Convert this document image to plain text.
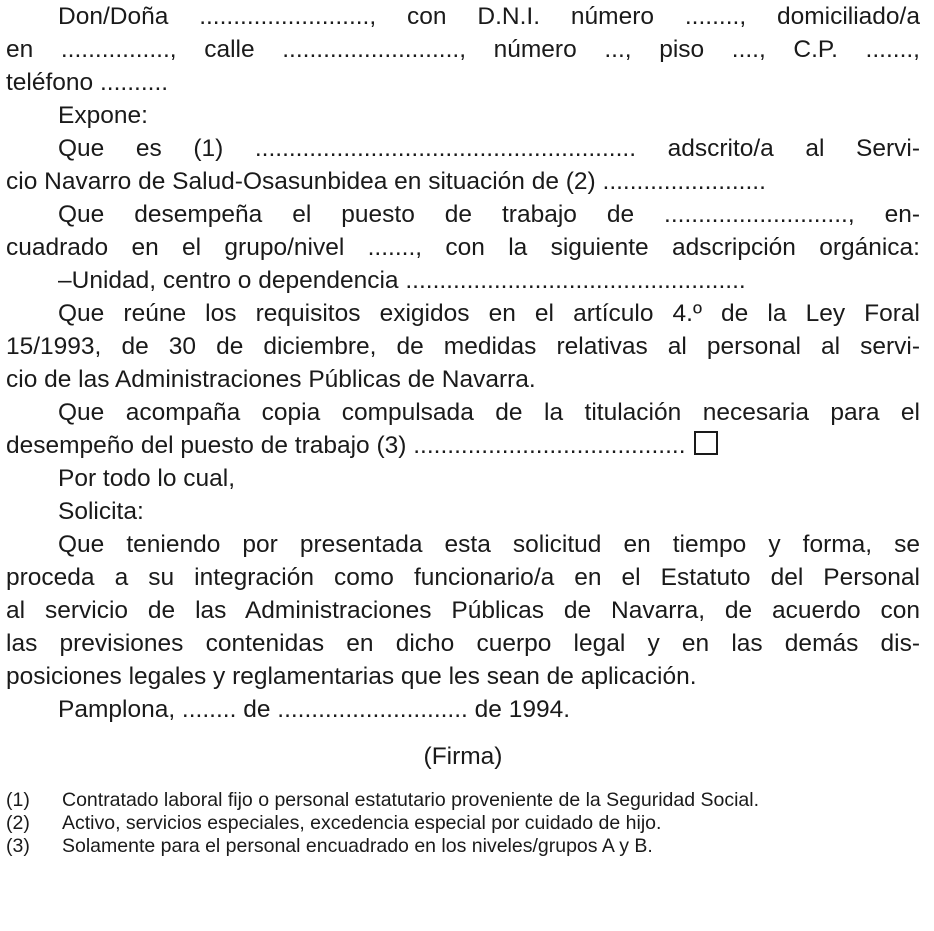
Don/Doña ........................., con D.N.I. número ........, domiciliado/a
en ................, calle .........................., número ..., piso ...., C.P. .......,
teléfono ..........

Expone:

Que es (1) ........................................................ adscrito/a al Servi-
cio Navarro de Salud-Osasunbidea en situación de (2) ........................

Que desempeña el puesto de trabajo de ..........................., en-
cuadrado en el grupo/nivel ......., con la siguiente adscripción orgánica:

–Unidad, centro o dependencia ..................................................

Que reúne los requisitos exigidos en el artículo 4.º de la Ley Foral
15/1993, de 30 de diciembre, de medidas relativas al personal al servi-
cio de las Administraciones Públicas de Navarra.

Que acompaña copia compulsada de la titulación necesaria para el
desempeño del puesto de trabajo (3) ........................................

Por todo lo cual,

Solicita:

Que teniendo por presentada esta solicitud en tiempo y forma, se
proceda a su integración como funcionario/a en el Estatuto del Personal
al servicio de las Administraciones Públicas de Navarra, de acuerdo con
las previsiones contenidas en dicho cuerpo legal y en las demás dis-
posiciones legales y reglamentarias que les sean de aplicación.

Pamplona, ........ de ............................ de 1994.

(Firma)
(1)	Contratado laboral fijo o personal estatutario proveniente de la Seguridad Social.
(2)	Activo, servicios especiales, excedencia especial por cuidado de hijo.
(3)	Solamente para el personal encuadrado en los niveles/grupos A y B.
